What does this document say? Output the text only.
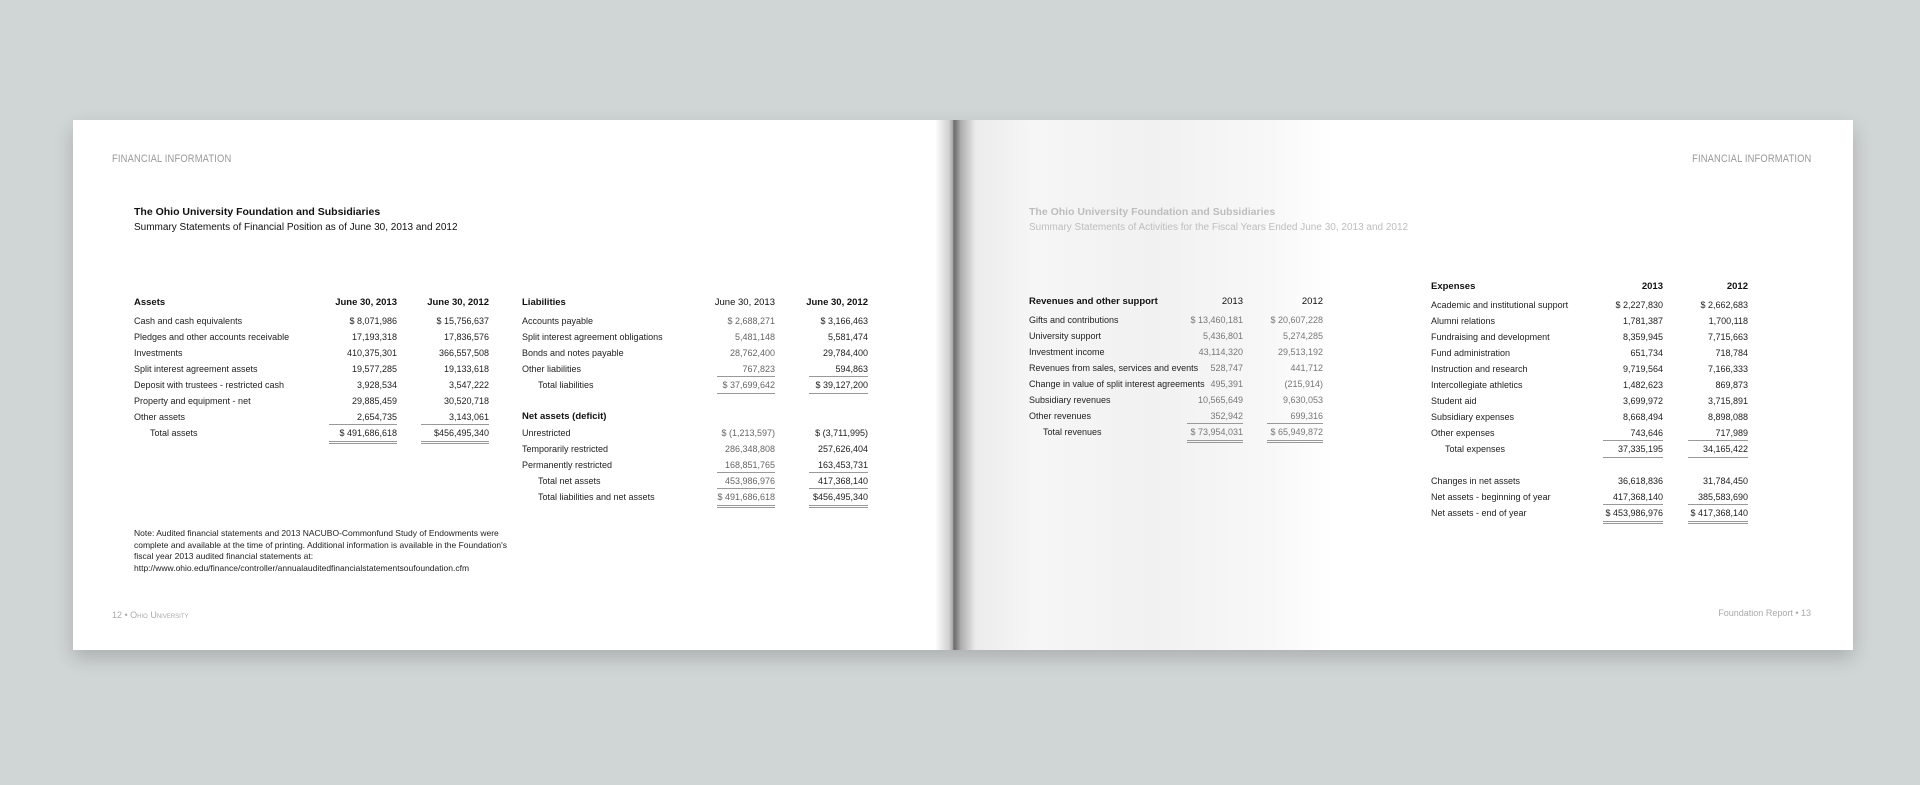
FINANCIAL INFORMATION
The Ohio University Foundation and Subsidiaries
Summary Statements of Financial Position as of June 30, 2013 and 2012
Assets	June 30, 2013	June 30, 2012
Cash and cash equivalents	$ 8,071,986	$ 15,756,637
Pledges and other accounts receivable	17,193,318	17,836,576
Investments	410,375,301	366,557,508
Split interest agreement assets	19,577,285	19,133,618
Deposit with trustees - restricted cash	3,928,534	3,547,222
Property and equipment - net	29,885,459	30,520,718
Other assets	2,654,735	3,143,061
Total assets	$ 491,686,618	$456,495,340
Liabilities	June 30, 2013	June 30, 2012
Accounts payable	$ 2,688,271	$ 3,166,463
Split interest agreement obligations	5,481,148	5,581,474
Bonds and notes payable	28,762,400	29,784,400
Other liabilities	767,823	594,863
Total liabilities	$ 37,699,642	$ 39,127,200
Net assets (deficit)
Unrestricted	$ (1,213,597)	$ (3,711,995)
Temporarily restricted	286,348,808	257,626,404
Permanently restricted	168,851,765	163,453,731
Total net assets	453,986,976	417,368,140
Total liabilities and net assets	$ 491,686,618	$456,495,340
Note: Audited financial statements and 2013 NACUBO-Commonfund Study of Endowments were complete and available at the time of printing. Additional information is available in the Foundation's fiscal year 2013 audited financial statements at: http://www.ohio.edu/finance/controller/annualauditedfinancialstatementsoufoundation.cfm
12 • Ohio University
FINANCIAL INFORMATION
The Ohio University Foundation and Subsidiaries
Summary Statements of Activities for the Fiscal Years Ended June 30, 2013 and 2012
Revenues and other support	2013	2012
Gifts and contributions	$ 13,460,181	$ 20,607,228
University support	5,436,801	5,274,285
Investment income	43,114,320	29,513,192
Revenues from sales, services and events	528,747	441,712
Change in value of split interest agreements 495,391	(215,914)
Subsidiary revenues	10,565,649	9,630,053
Other revenues	352,942	699,316
Total revenues	$ 73,954,031	$ 65,949,872
Expenses	2013	2012
Academic and institutional support	$ 2,227,830	$ 2,662,683
Alumni relations	1,781,387	1,700,118
Fundraising and development	8,359,945	7,715,663
Fund administration	651,734	718,784
Instruction and research	9,719,564	7,166,333
Intercollegiate athletics	1,482,623	869,873
Student aid	3,699,972	3,715,891
Subsidiary expenses	8,668,494	8,898,088
Other expenses	743,646	717,989
Total expenses	37,335,195	34,165,422
Changes in net assets	36,618,836	31,784,450
Net assets - beginning of year	417,368,140	385,583,690
Net assets - end of year	$ 453,986,976	$ 417,368,140
Foundation Report • 13
